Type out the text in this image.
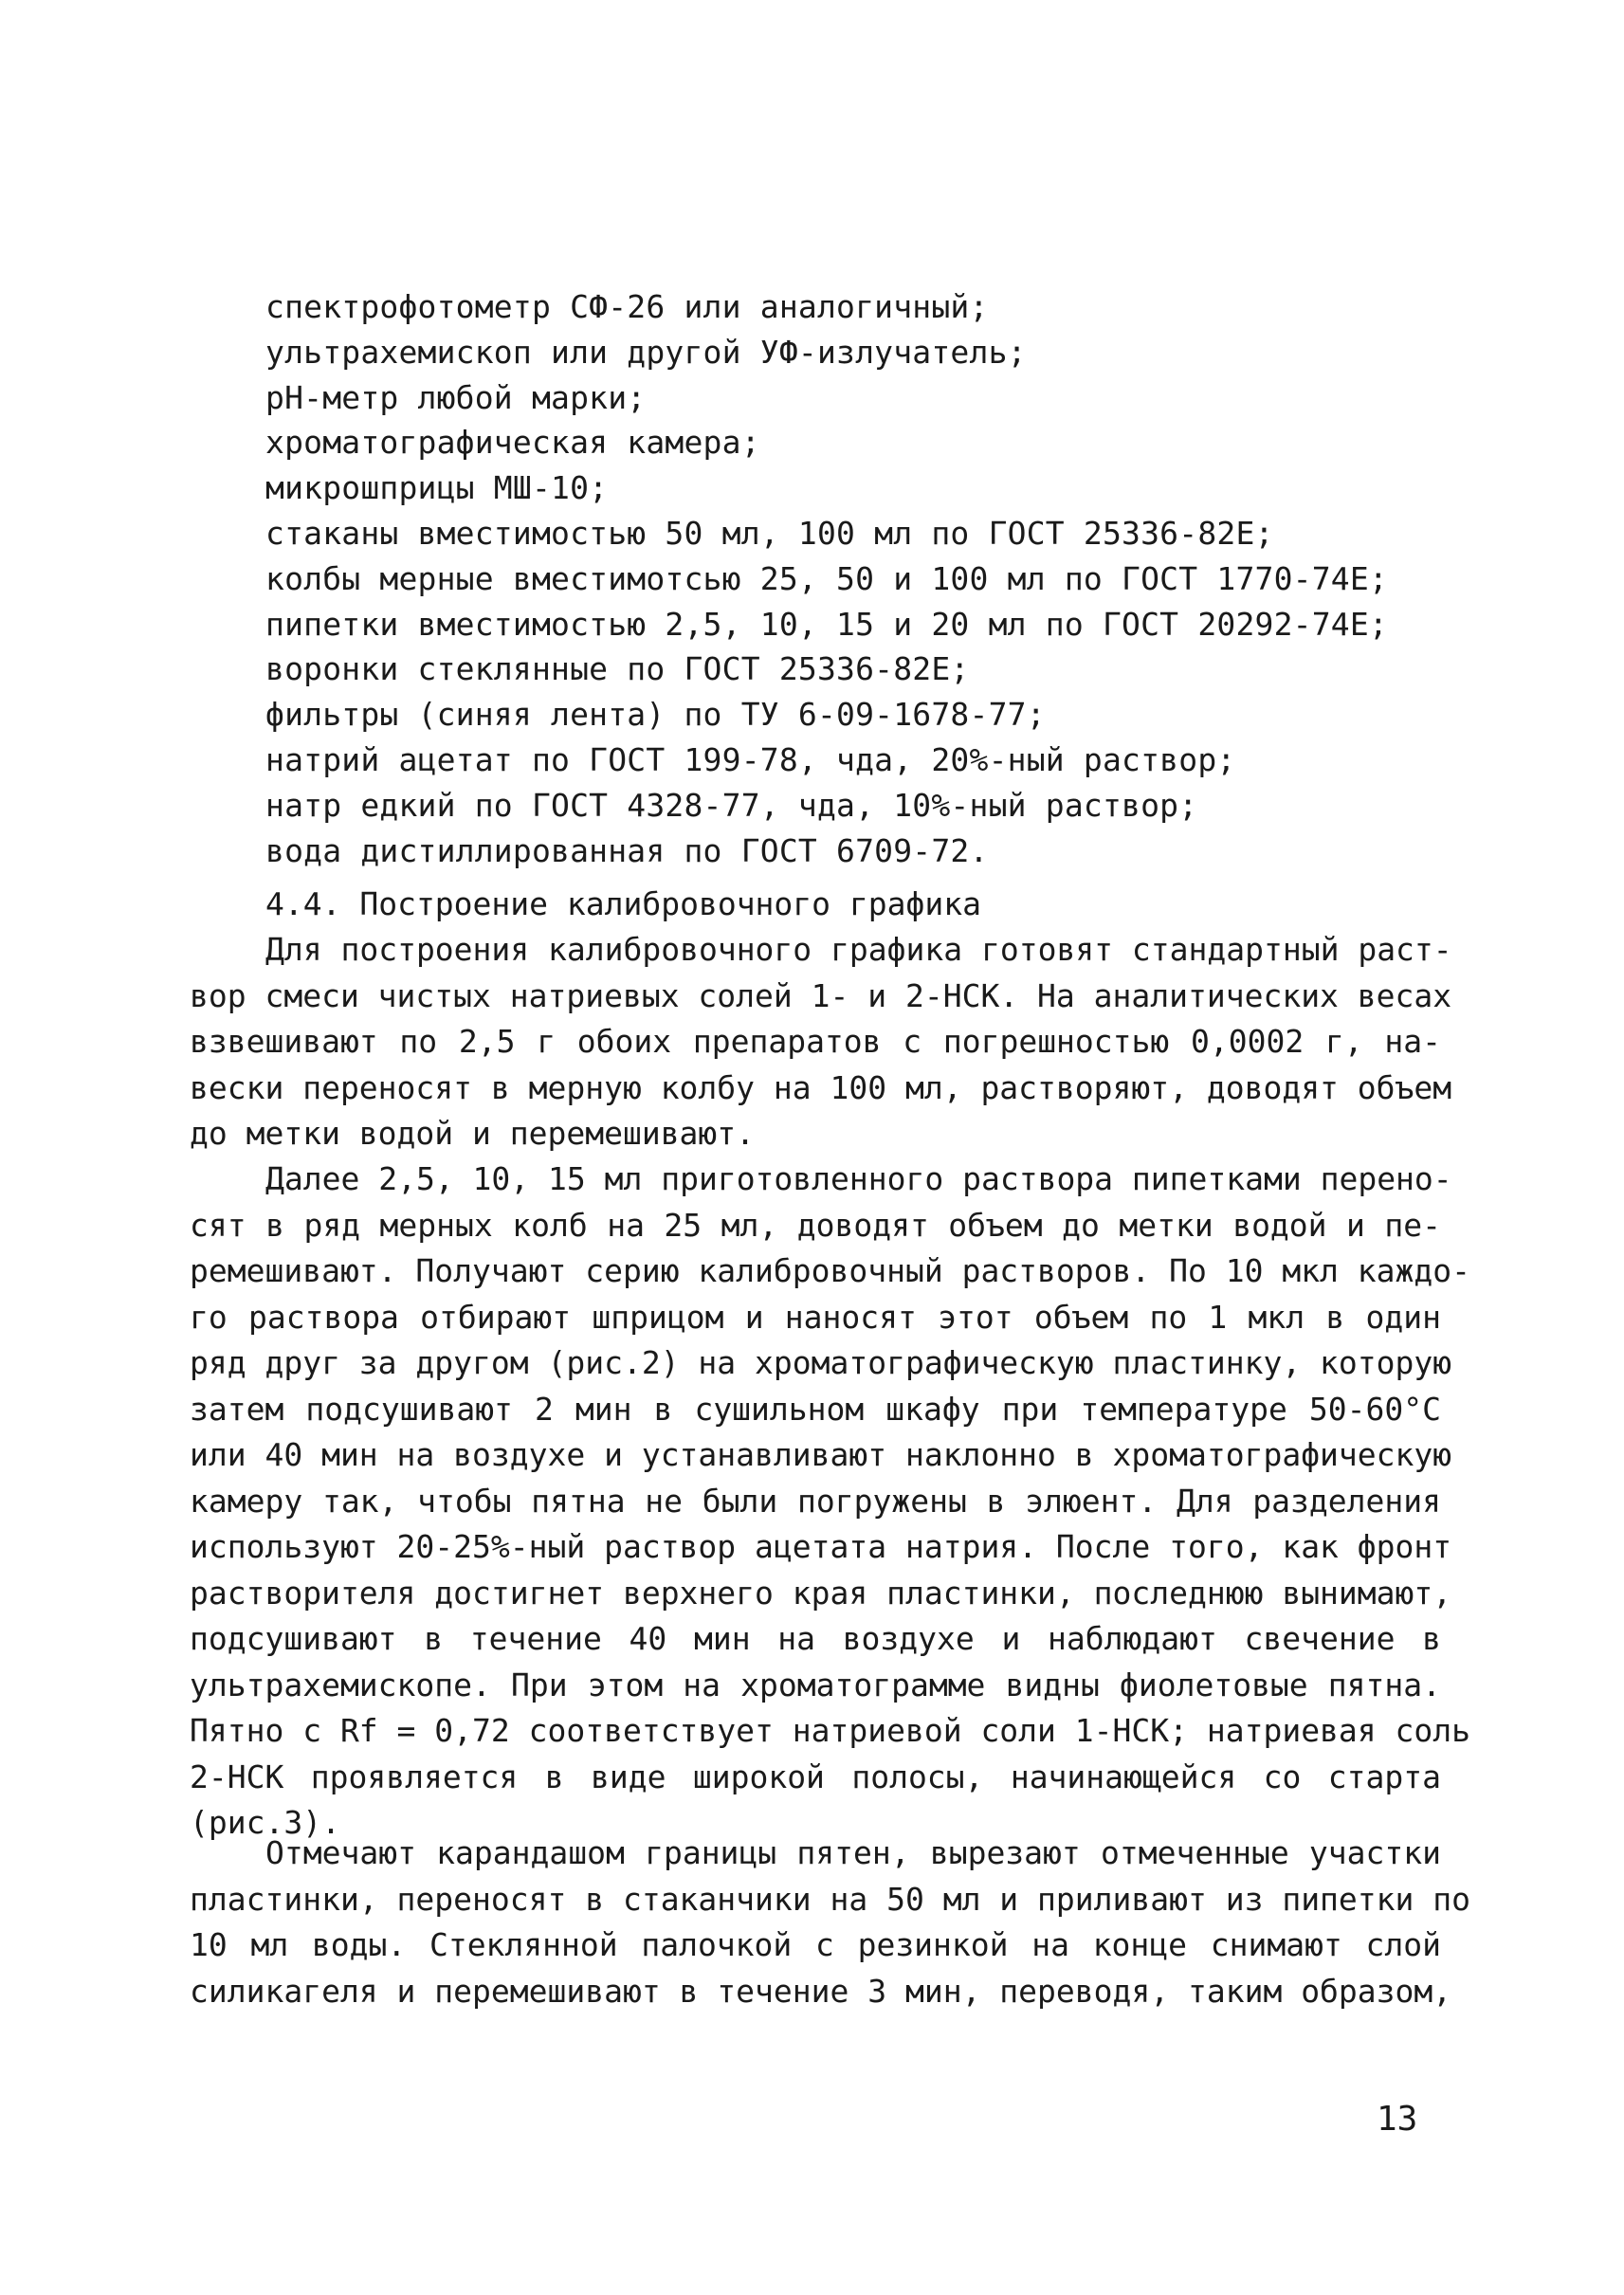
спектрофотометр СФ-26 или аналогичный;
ультрахемископ или другой УФ-излучатель;
рН-метр любой марки;
хроматографическая камера;
микрошприцы МШ-10;
стаканы вместимостью 50 мл, 100 мл по ГОСТ 25336-82Е;
колбы мерные вместимотсью 25, 50 и 100 мл по ГОСТ 1770-74Е;
пипетки вместимостью 2,5, 10, 15 и 20 мл по ГОСТ 20292-74Е;
воронки стеклянные по ГОСТ 25336-82Е;
фильтры (синяя лента) по ТУ 6-09-1678-77;
натрий ацетат по ГОСТ 199-78, чда, 20%-ный раствор;
натр едкий по ГОСТ 4328-77, чда, 10%-ный раствор;
вода дистиллированная по ГОСТ 6709-72.
4.4. Построение калибровочного графика
Для построения калибровочного графика готовят стандартный раст-
вор смеси чистых натриевых солей 1- и 2-НСК. На аналитических весах
взвешивают по 2,5 г обоих препаратов с погрешностью 0,0002 г, на-
вески переносят в мерную колбу на 100 мл, растворяют, доводят объем
до метки водой и перемешивают.
Далее 2,5, 10, 15 мл приготовленного раствора пипетками перено-
сят в ряд мерных колб на 25 мл, доводят объем до метки водой и пе-
ремешивают. Получают серию калибровочный растворов. По 10 мкл каждо-
го раствора отбирают шприцом и наносят этот объем по 1 мкл в один
ряд друг за другом (рис.2) на хроматографическую пластинку, которую
затем подсушивают 2 мин в сушильном шкафу при температуре 50-60°С
или 40 мин на воздухе и устанавливают наклонно в хроматографическую
камеру так, чтобы пятна не были погружены в элюент. Для разделения
используют 20-25%-ный раствор ацетата натрия. После того, как фронт
растворителя достигнет верхнего края пластинки, последнюю вынимают,
подсушивают в течение 40 мин на воздухе и наблюдают свечение в
ультрахемископе. При этом на хроматограмме видны фиолетовые пятна.
Пятно с Rf = 0,72 соответствует натриевой соли 1-НСК; натриевая соль
2-НСК проявляется в виде широкой полосы, начинающейся со старта
(рис.3).
Отмечают карандашом границы пятен, вырезают отмеченные участки
пластинки, переносят в стаканчики на 50 мл и приливают из пипетки по
10 мл воды. Стеклянной палочкой с резинкой на конце снимают слой
силикагеля и перемешивают в течение 3 мин, переводя, таким образом,
13
